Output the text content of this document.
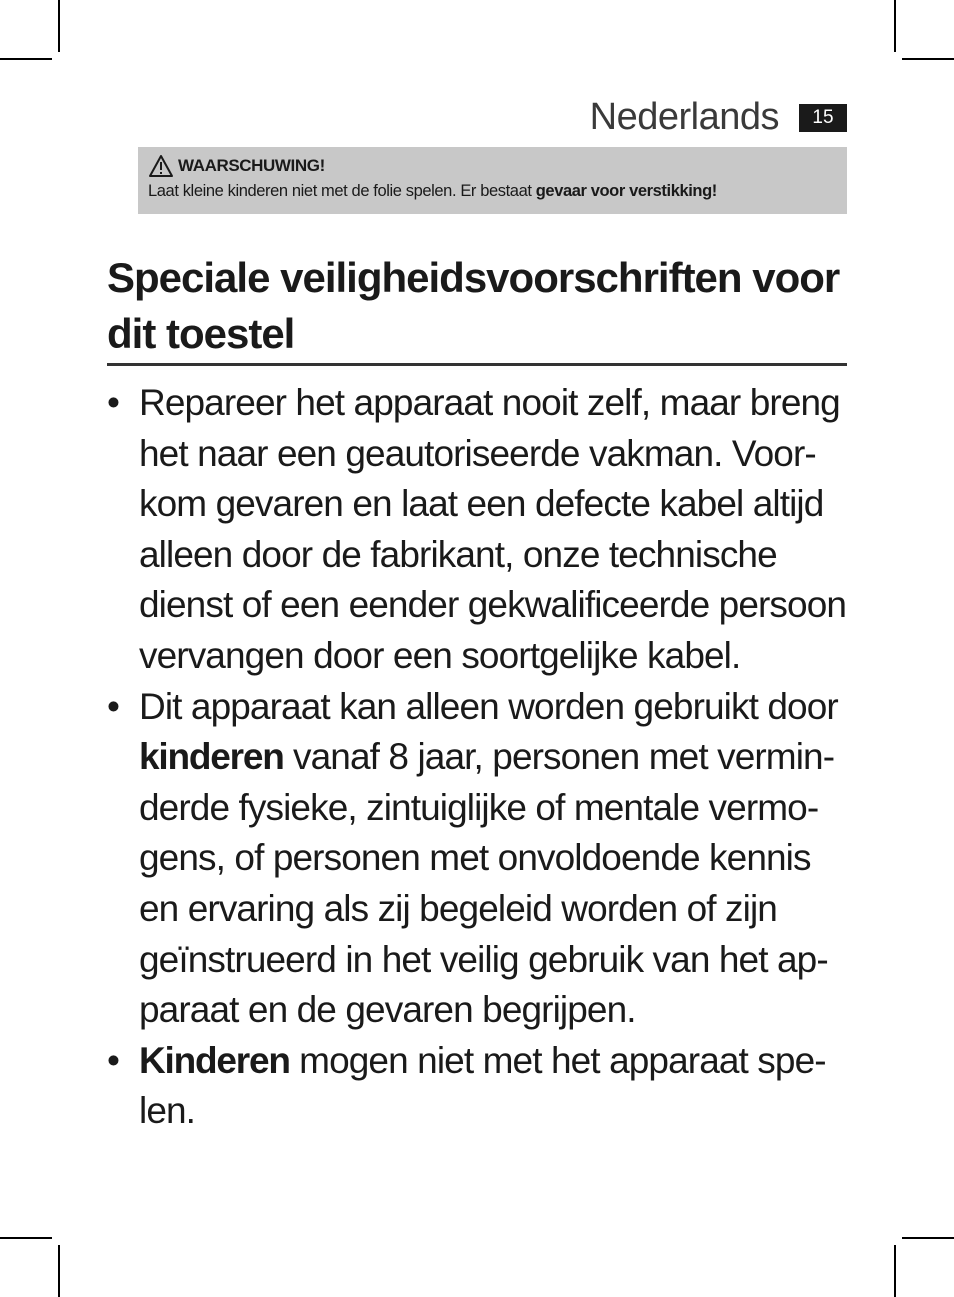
Nederlands	15
WAARSCHUWING!
Laat kleine kinderen niet met de folie spelen. Er bestaat gevaar voor verstikking!
Speciale veiligheidsvoorschriften voor
dit toestel
• Repareer het apparaat nooit zelf, maar breng
het naar een geautoriseerde vakman. Voor-
kom gevaren en laat een defecte kabel altijd
alleen door de fabrikant, onze technische
dienst of een eender gekwalificeerde persoon
vervangen door een soortgelijke kabel.
• Dit apparaat kan alleen worden gebruikt door
kinderen vanaf 8 jaar, personen met vermin-
derde fysieke, zintuiglijke of mentale vermo-
gens, of personen met onvoldoende kennis
en ervaring als zij begeleid worden of zijn
geïnstrueerd in het veilig gebruik van het ap-
paraat en de gevaren begrijpen.
• Kinderen mogen niet met het apparaat spe-
len.
